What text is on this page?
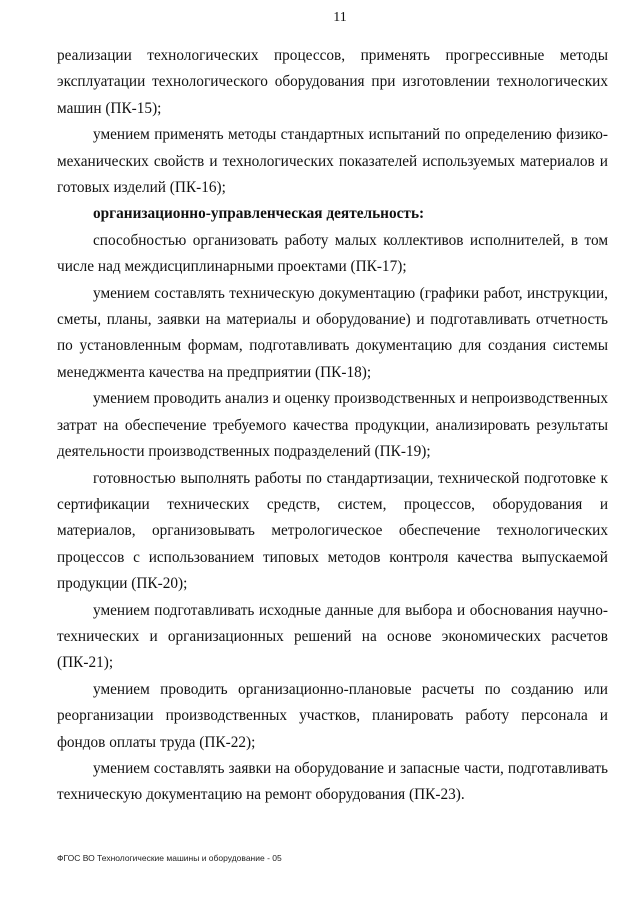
11

реализации технологических процессов, применять прогрессивные методы эксплуатации технологического оборудования при изготовлении технологических машин (ПК-15);

умением применять методы стандартных испытаний по определению физико-механических свойств и технологических показателей используемых материалов и готовых изделий (ПК-16);

организационно-управленческая деятельность:

способностью организовать работу малых коллективов исполнителей, в том числе над междисциплинарными проектами (ПК-17);

умением составлять техническую документацию (графики работ, инструкции, сметы, планы, заявки на материалы и оборудование) и подготавливать отчетность по установленным формам, подготавливать документацию для создания системы менеджмента качества на предприятии (ПК-18);

умением проводить анализ и оценку производственных и непроизводственных затрат на обеспечение требуемого качества продукции, анализировать результаты деятельности производственных подразделений (ПК-19);

готовностью выполнять работы по стандартизации, технической подготовке к сертификации технических средств, систем, процессов, оборудования и материалов, организовывать метрологическое обеспечение технологических процессов с использованием типовых методов контроля качества выпускаемой продукции (ПК-20);

умением подготавливать исходные данные для выбора и обоснования научно-технических и организационных решений на основе экономических расчетов (ПК-21);

умением проводить организационно-плановые расчеты по созданию или реорганизации производственных участков, планировать работу персонала и фондов оплаты труда (ПК-22);

умением составлять заявки на оборудование и запасные части, подготавливать техническую документацию на ремонт оборудования (ПК-23).

ФГОС ВО Технологические машины и оборудование - 05
